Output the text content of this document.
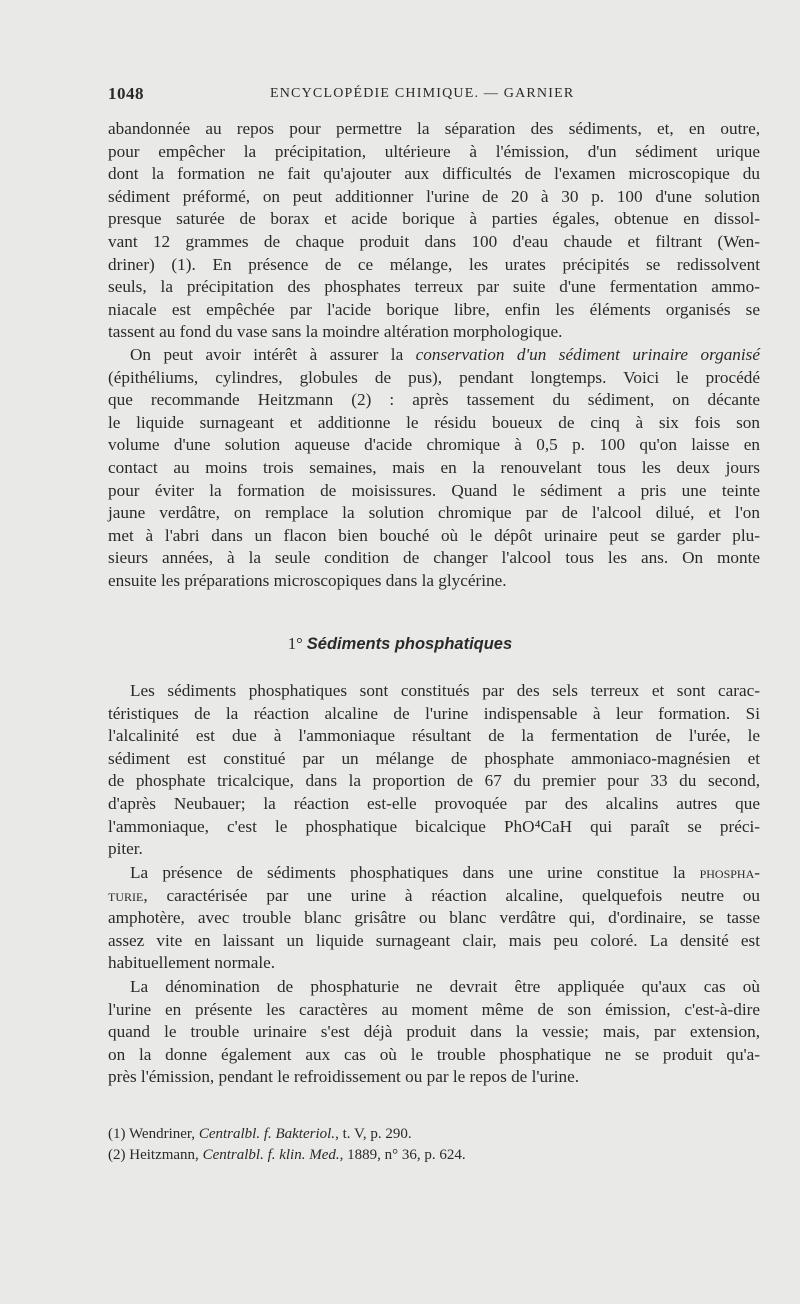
1048	ENCYCLOPÉDIE CHIMIQUE. — GARNIER
abandonnée au repos pour permettre la séparation des sédiments, et, en outre,
pour empêcher la précipitation, ultérieure à l'émission, d'un sédiment urique
dont la formation ne fait qu'ajouter aux difficultés de l'examen microscopique du
sédiment préformé, on peut additionner l'urine de 20 à 30 p. 100 d'une solution
presque saturée de borax et acide borique à parties égales, obtenue en dissol-
vant 12 grammes de chaque produit dans 100 d'eau chaude et filtrant (Wen-
driner) (1). En présence de ce mélange, les urates précipités se redissolvent
seuls, la précipitation des phosphates terreux par suite d'une fermentation ammo-
niacale est empêchée par l'acide borique libre, enfin les éléments organisés se
tassent au fond du vase sans la moindre altération morphologique.
On peut avoir intérêt à assurer la conservation d'un sédiment urinaire organisé
(épithéliums, cylindres, globules de pus), pendant longtemps. Voici le procédé
que recommande Heitzmann (2) : après tassement du sédiment, on décante
le liquide surnageant et additionne le résidu boueux de cinq à six fois son
volume d'une solution aqueuse d'acide chromique à 0,5 p. 100 qu'on laisse en
contact au moins trois semaines, mais en la renouvelant tous les deux jours
pour éviter la formation de moisissures. Quand le sédiment a pris une teinte
jaune verdâtre, on remplace la solution chromique par de l'alcool dilué, et l'on
met à l'abri dans un flacon bien bouché où le dépôt urinaire peut se garder plu-
sieurs années, à la seule condition de changer l'alcool tous les ans. On monte
ensuite les préparations microscopiques dans la glycérine.
1° Sédiments phosphatiques
Les sédiments phosphatiques sont constitués par des sels terreux et sont carac-
téristiques de la réaction alcaline de l'urine indispensable à leur formation. Si
l'alcalinité est due à l'ammoniaque résultant de la fermentation de l'urée, le
sédiment est constitué par un mélange de phosphate ammoniaco-magnésien et
de phosphate tricalcique, dans la proportion de 67 du premier pour 33 du second,
d'après Neubauer; la réaction est-elle provoquée par des alcalins autres que
l'ammoniaque, c'est le phosphatique bicalcique PhO⁴CaH qui paraît se préci-
piter.
La présence de sédiments phosphatiques dans une urine constitue la phospha-
turie, caractérisée par une urine à réaction alcaline, quelquefois neutre ou
amphotère, avec trouble blanc grisâtre ou blanc verdâtre qui, d'ordinaire, se tasse
assez vite en laissant un liquide surnageant clair, mais peu coloré. La densité est
habituellement normale.
La dénomination de phosphaturie ne devrait être appliquée qu'aux cas où
l'urine en présente les caractères au moment même de son émission, c'est-à-dire
quand le trouble urinaire s'est déjà produit dans la vessie; mais, par extension,
on la donne également aux cas où le trouble phosphatique ne se produit qu'a-
près l'émission, pendant le refroidissement ou par le repos de l'urine.
(1) Wendriner, Centralbl. f. Bakteriol., t. V, p. 290.
(2) Heitzmann, Centralbl. f. klin. Med., 1889, n° 36, p. 624.
